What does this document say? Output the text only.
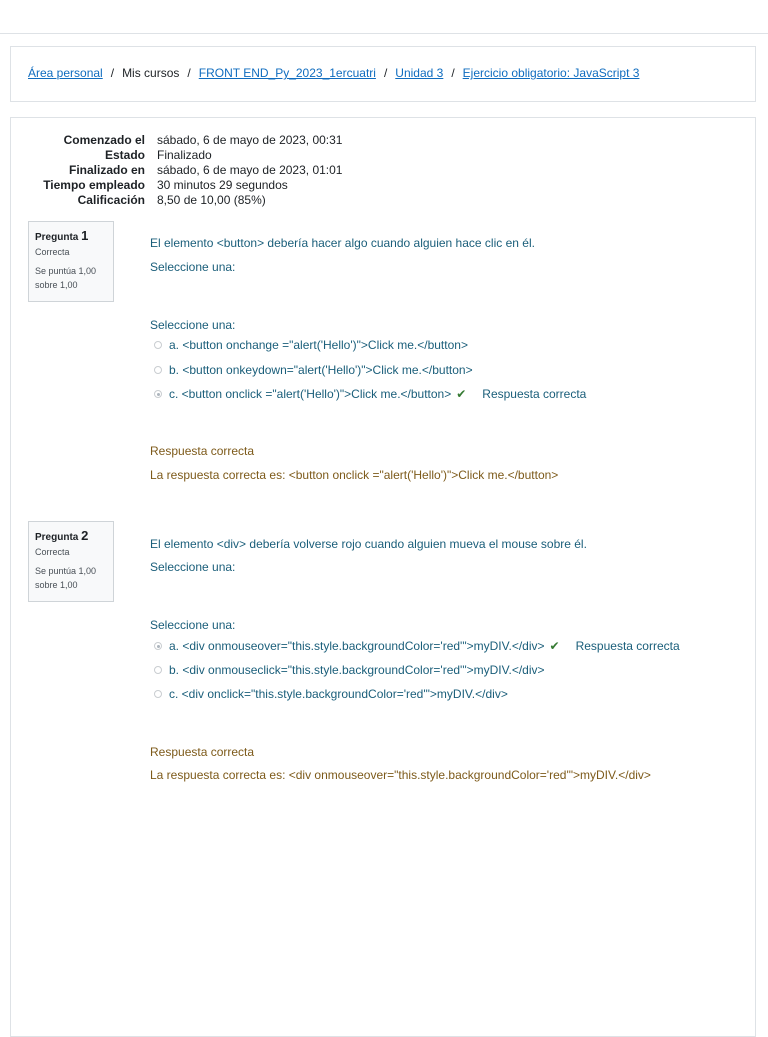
Área personal / Mis cursos / FRONT END_Py_2023_1ercuatri / Unidad 3 / Ejercicio obligatorio: JavaScript 3
Comenzado el sábado, 6 de mayo de 2023, 00:31
Estado Finalizado
Finalizado en sábado, 6 de mayo de 2023, 01:01
Tiempo empleado 30 minutos 29 segundos
Calificación 8,50 de 10,00 (85%)
Pregunta 1
Correcta
Se puntúa 1,00
sobre 1,00
El elemento <button> debería hacer algo cuando alguien hace clic en él.
Seleccione una:
Seleccione una:
a. <button onchange ="alert('Hello')">Click me.</button>
b. <button onkeydown="alert('Hello')">Click me.</button>
c. <button onclick ="alert('Hello')">Click me.</button> ✔ Respuesta correcta
Respuesta correcta
La respuesta correcta es: <button onclick ="alert('Hello')">Click me.</button>
Pregunta 2
Correcta
Se puntúa 1,00
sobre 1,00
El elemento <div> debería volverse rojo cuando alguien mueva el mouse sobre él.
Seleccione una:
Seleccione una:
a. <div onmouseover="this.style.backgroundColor='red'">myDIV.</div> ✔ Respuesta correcta
b. <div onmouseclick="this.style.backgroundColor='red'">myDIV.</div>
c. <div onclick="this.style.backgroundColor='red'">myDIV.</div>
Respuesta correcta
La respuesta correcta es: <div onmouseover="this.style.backgroundColor='red'">myDIV.</div>
